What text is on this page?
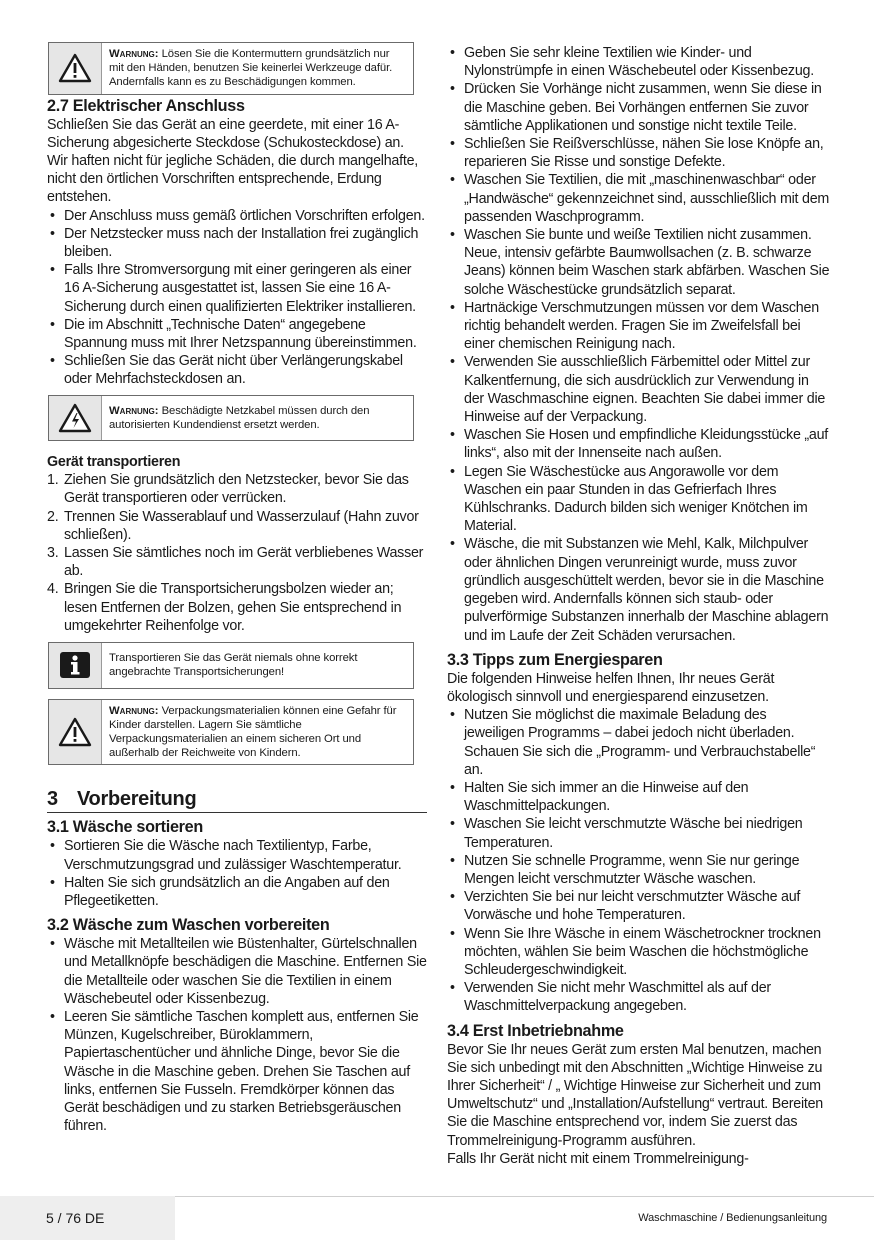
Warnung: Lösen Sie die Kontermuttern grundsätzlich nur mit den Händen, benutzen Sie keinerlei Werkzeuge dafür. Andernfalls kann es zu Beschädigungen kommen.
2.7 Elektrischer Anschluss

Schließen Sie das Gerät an eine geerdete, mit einer 16 A-Sicherung abgesicherte Steckdose (Schukosteckdose) an. Wir haften nicht für jegliche Schäden, die durch mangelhafte, nicht den örtlichen Vorschriften entsprechende, Erdung entstehen.

• Der Anschluss muss gemäß örtlichen Vorschriften erfolgen.
• Der Netzstecker muss nach der Installation frei zugänglich bleiben.
• Falls Ihre Stromversorgung mit einer geringeren als einer 16 A-Sicherung ausgestattet ist, lassen Sie eine 16 A-Sicherung durch einen qualifizierten Elektriker installieren.
• Die im Abschnitt „Technische Daten“ angegebene Spannung muss mit Ihrer Netzspannung übereinstimmen.
• Schließen Sie das Gerät nicht über Verlängerungskabel oder Mehrfachsteckdosen an.
Warnung: Beschädigte Netzkabel müssen durch den autorisierten Kundendienst ersetzt werden.
Gerät transportieren
1. Ziehen Sie grundsätzlich den Netzstecker, bevor Sie das Gerät transportieren oder verrücken.
2. Trennen Sie Wasserablauf und Wasserzulauf (Hahn zuvor schließen).
3. Lassen Sie sämtliches noch im Gerät verbliebenes Wasser ab.
4. Bringen Sie die Transportsicherungsbolzen wieder an; lesen Entfernen der Bolzen, gehen Sie entsprechend in umgekehrter Reihenfolge vor.
Transportieren Sie das Gerät niemals ohne korrekt angebrachte Transportsicherungen!
Warnung: Verpackungsmaterialien können eine Gefahr für Kinder darstellen. Lagern Sie sämtliche Verpackungsmaterialien an einem sicheren Ort und außerhalb der Reichweite von Kindern.
3 Vorbereitung
3.1 Wäsche sortieren
• Sortieren Sie die Wäsche nach Textilientyp, Farbe, Verschmutzungsgrad und zulässiger Waschtemperatur.
• Halten Sie sich grundsätzlich an die Angaben auf den Pflegeetiketten.
3.2 Wäsche zum Waschen vorbereiten
• Wäsche mit Metallteilen wie Büstenhalter, Gürtelschnallen und Metallknöpfe beschädigen die Maschine. Entfernen Sie die Metallteile oder waschen Sie die Textilien in einem Wäschebeutel oder Kissenbezug.
• Leeren Sie sämtliche Taschen komplett aus, entfernen Sie Münzen, Kugelschreiber, Büroklammern, Papiertaschentücher und ähnliche Dinge, bevor Sie die Wäsche in die Maschine geben. Drehen Sie Taschen auf links, entfernen Sie Fusseln. Fremdkörper können das Gerät beschädigen und zu starken Betriebsgeräuschen führen.
• Geben Sie sehr kleine Textilien wie Kinder- und Nylonstrümpfe in einen Wäschebeutel oder Kissenbezug.
• Drücken Sie Vorhänge nicht zusammen, wenn Sie diese in die Maschine geben. Bei Vorhängen entfernen Sie zuvor sämtliche Applikationen und sonstige nicht textile Teile.
• Schließen Sie Reißverschlüsse, nähen Sie lose Knöpfe an, reparieren Sie Risse und sonstige Defekte.
• Waschen Sie Textilien, die mit „maschinenwaschbar“ oder „Handwäsche“ gekennzeichnet sind, ausschließlich mit dem passenden Waschprogramm.
• Waschen Sie bunte und weiße Textilien nicht zusammen. Neue, intensiv gefärbte Baumwollsachen (z. B. schwarze Jeans) können beim Waschen stark abfärben. Waschen Sie solche Wäschestücke grundsätzlich separat.
• Hartnäckige Verschmutzungen müssen vor dem Waschen richtig behandelt werden. Fragen Sie im Zweifelsfall bei einer chemischen Reinigung nach.
• Verwenden Sie ausschließlich Färbemittel oder Mittel zur Kalkentfernung, die sich ausdrücklich zur Verwendung in der Waschmaschine eignen. Beachten Sie dabei immer die Hinweise auf der Verpackung.
• Waschen Sie Hosen und empfindliche Kleidungsstücke „auf links“, also mit der Innenseite nach außen.
• Legen Sie Wäschestücke aus Angorawolle vor dem Waschen ein paar Stunden in das Gefrierfach Ihres Kühlschranks. Dadurch bilden sich weniger Knötchen im Material.
• Wäsche, die mit Substanzen wie Mehl, Kalk, Milchpulver oder ähnlichen Dingen verunreinigt wurde, muss zuvor gründlich ausgeschüttelt werden, bevor sie in die Maschine gegeben wird. Andernfalls können sich staub- oder pulverförmige Substanzen innerhalb der Maschine ablagern und im Laufe der Zeit Schäden verursachen.
3.3 Tipps zum Energiesparen

Die folgenden Hinweise helfen Ihnen, Ihr neues Gerät ökologisch sinnvoll und energiesparend einzusetzen.

• Nutzen Sie möglichst die maximale Beladung des jeweiligen Programms – dabei jedoch nicht überladen. Schauen Sie sich die „Programm- und Verbrauchstabelle“ an.
• Halten Sie sich immer an die Hinweise auf den Waschmittelpackungen.
• Waschen Sie leicht verschmutzte Wäsche bei niedrigen Temperaturen.
• Nutzen Sie schnelle Programme, wenn Sie nur geringe Mengen leicht verschmutzter Wäsche waschen.
• Verzichten Sie bei nur leicht verschmutzter Wäsche auf Vorwäsche und hohe Temperaturen.
• Wenn Sie Ihre Wäsche in einem Wäschetrockner trocknen möchten, wählen Sie beim Waschen die höchstmögliche Schleudergeschwindigkeit.
• Verwenden Sie nicht mehr Waschmittel als auf der Waschmittelverpackung angegeben.
3.4 Erst Inbetriebnahme

Bevor Sie Ihr neues Gerät zum ersten Mal benutzen, machen Sie sich unbedingt mit den Abschnitten „Wichtige Hinweise zu Ihrer Sicherheit“ / „ Wichtige Hinweise zur Sicherheit und zum Umweltschutz“ und „Installation/Aufstellung“ vertraut. Bereiten Sie die Maschine entsprechend vor, indem Sie zuerst das Trommelreinigung-Programm ausführen.

Falls Ihr Gerät nicht mit einem Trommelreinigung-

5 / 76 DE	Waschmaschine / Bedienungsanleitung
